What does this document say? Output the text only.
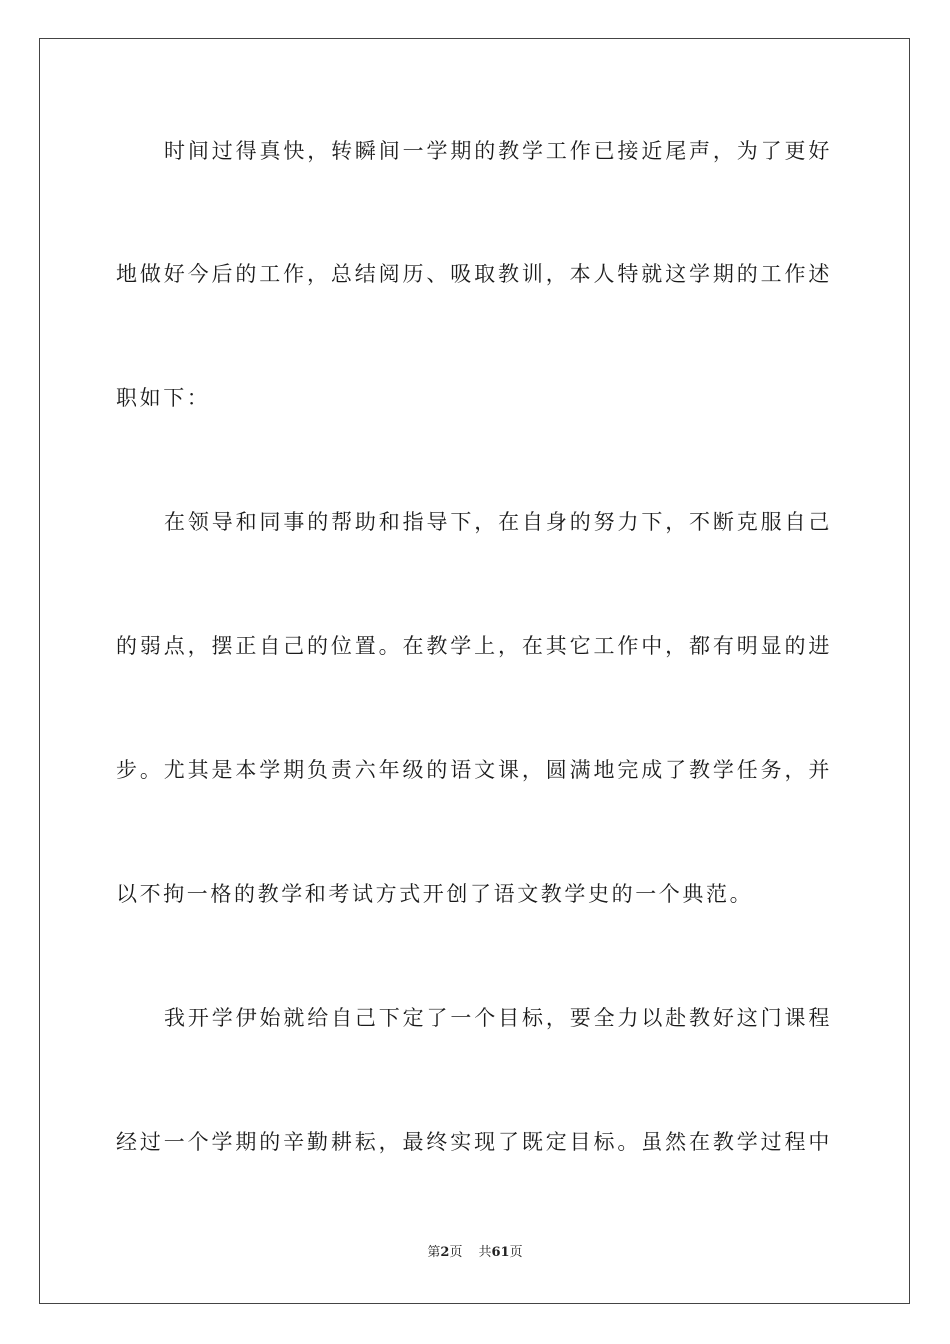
时间过得真快，转瞬间一学期的教学工作已接近尾声，为了更好
地做好今后的工作，总结阅历、吸取教训，本人特就这学期的工作述
职如下：
在领导和同事的帮助和指导下，在自身的努力下，不断克服自己
的弱点，摆正自己的位置。在教学上，在其它工作中，都有明显的进
步。尤其是本学期负责六年级的语文课，圆满地完成了教学任务，并
以不拘一格的教学和考试方式开创了语文教学史的一个典范。
我开学伊始就给自己下定了一个目标，要全力以赴教好这门课程
经过一个学期的辛勤耕耘，最终实现了既定目标。虽然在教学过程中
第2页 共61页
